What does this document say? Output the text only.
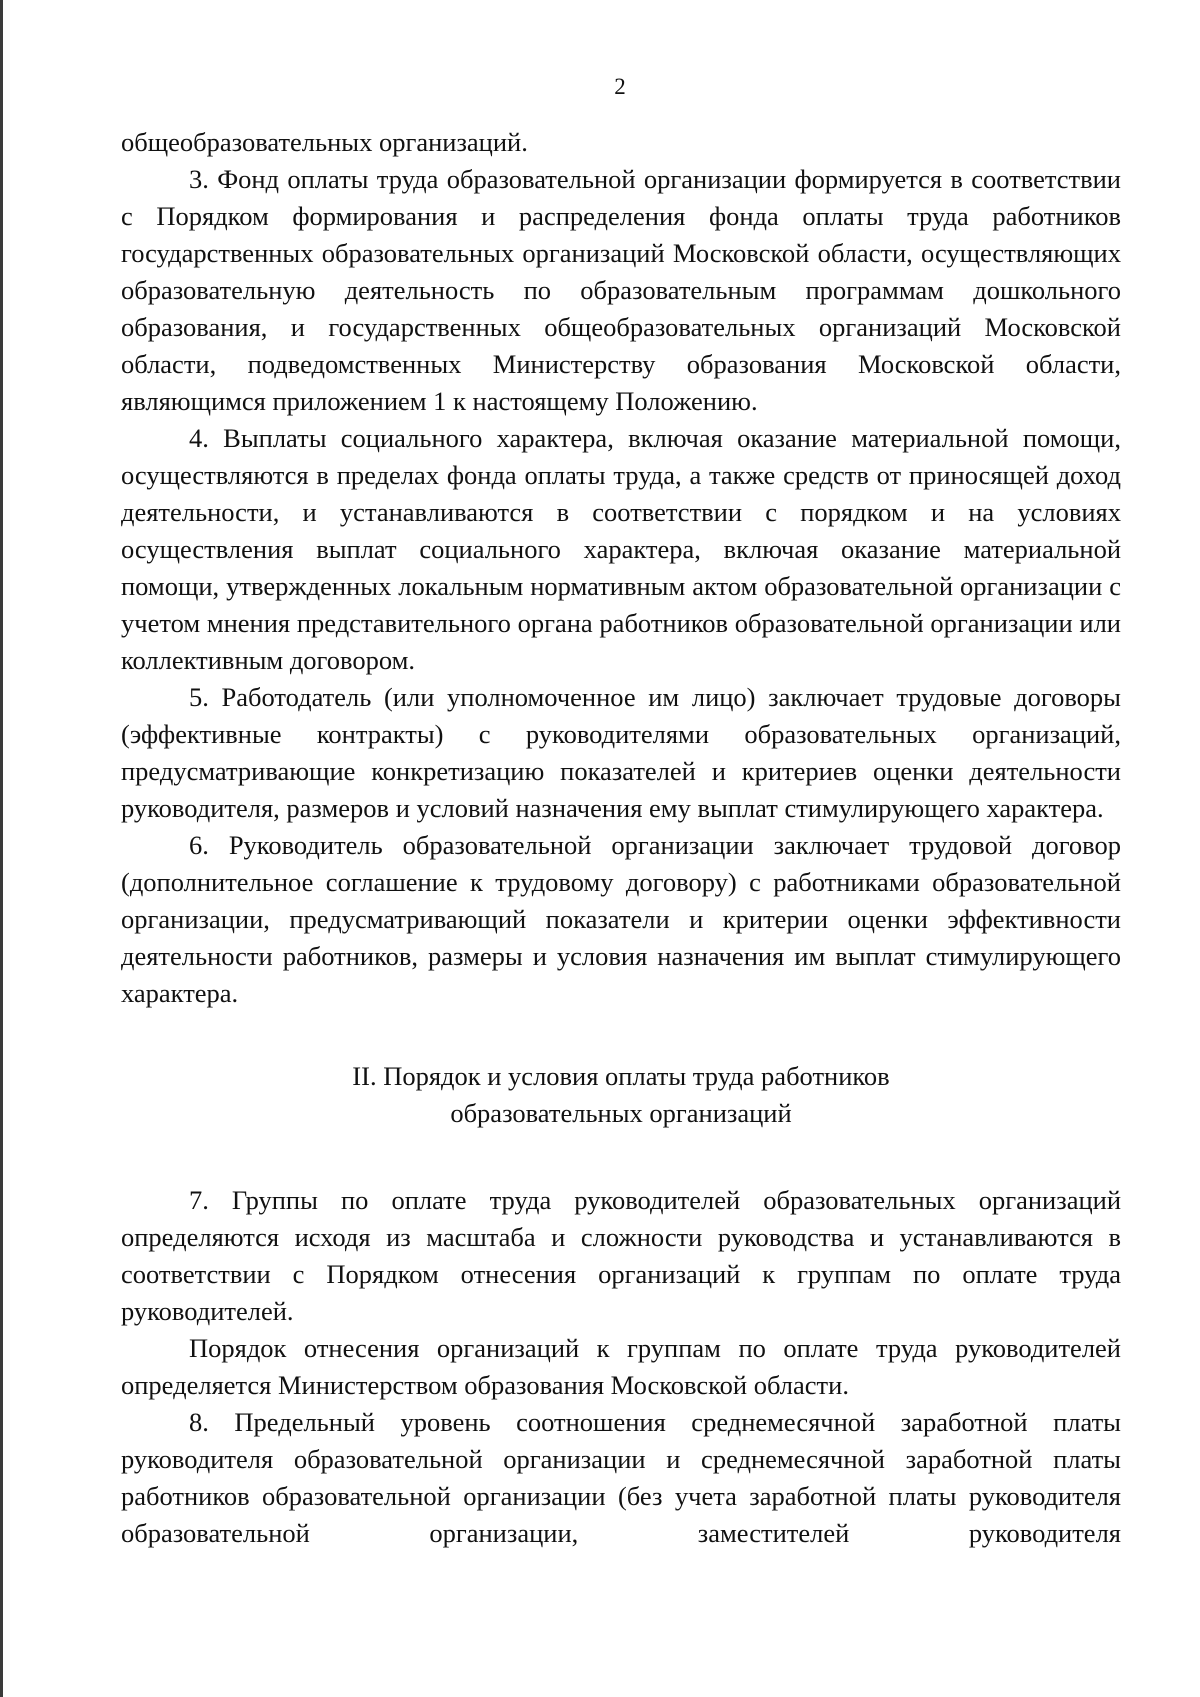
2

общеобразовательных организаций.

3. Фонд оплаты труда образовательной организации формируется в соответствии с Порядком формирования и распределения фонда оплаты труда работников государственных образовательных организаций Московской области, осуществляющих образовательную деятельность по образовательным программам дошкольного образования, и государственных общеобразовательных организаций Московской области, подведомственных Министерству образования Московской области, являющимся приложением 1 к настоящему Положению.

4. Выплаты социального характера, включая оказание материальной помощи, осуществляются в пределах фонда оплаты труда, а также средств от приносящей доход деятельности, и устанавливаются в соответствии с порядком и на условиях осуществления выплат социального характера, включая оказание материальной помощи, утвержденных локальным нормативным актом образовательной организации с учетом мнения представительного органа работников образовательной организации или коллективным договором.

5. Работодатель (или уполномоченное им лицо) заключает трудовые договоры (эффективные контракты) с руководителями образовательных организаций, предусматривающие конкретизацию показателей и критериев оценки деятельности руководителя, размеров и условий назначения ему выплат стимулирующего характера.

6. Руководитель образовательной организации заключает трудовой договор (дополнительное соглашение к трудовому договору) с работниками образовательной организации, предусматривающий показатели и критерии оценки эффективности деятельности работников, размеры и условия назначения им выплат стимулирующего характера.

II. Порядок и условия оплаты труда работников
образовательных организаций

7. Группы по оплате труда руководителей образовательных организаций определяются исходя из масштаба и сложности руководства и устанавливаются в соответствии с Порядком отнесения организаций к группам по оплате труда руководителей.

Порядок отнесения организаций к группам по оплате труда руководителей определяется Министерством образования Московской области.

8. Предельный уровень соотношения среднемесячной заработной платы руководителя образовательной организации и среднемесячной заработной платы работников образовательной организации (без учета заработной платы руководителя образовательной организации, заместителей руководителя
